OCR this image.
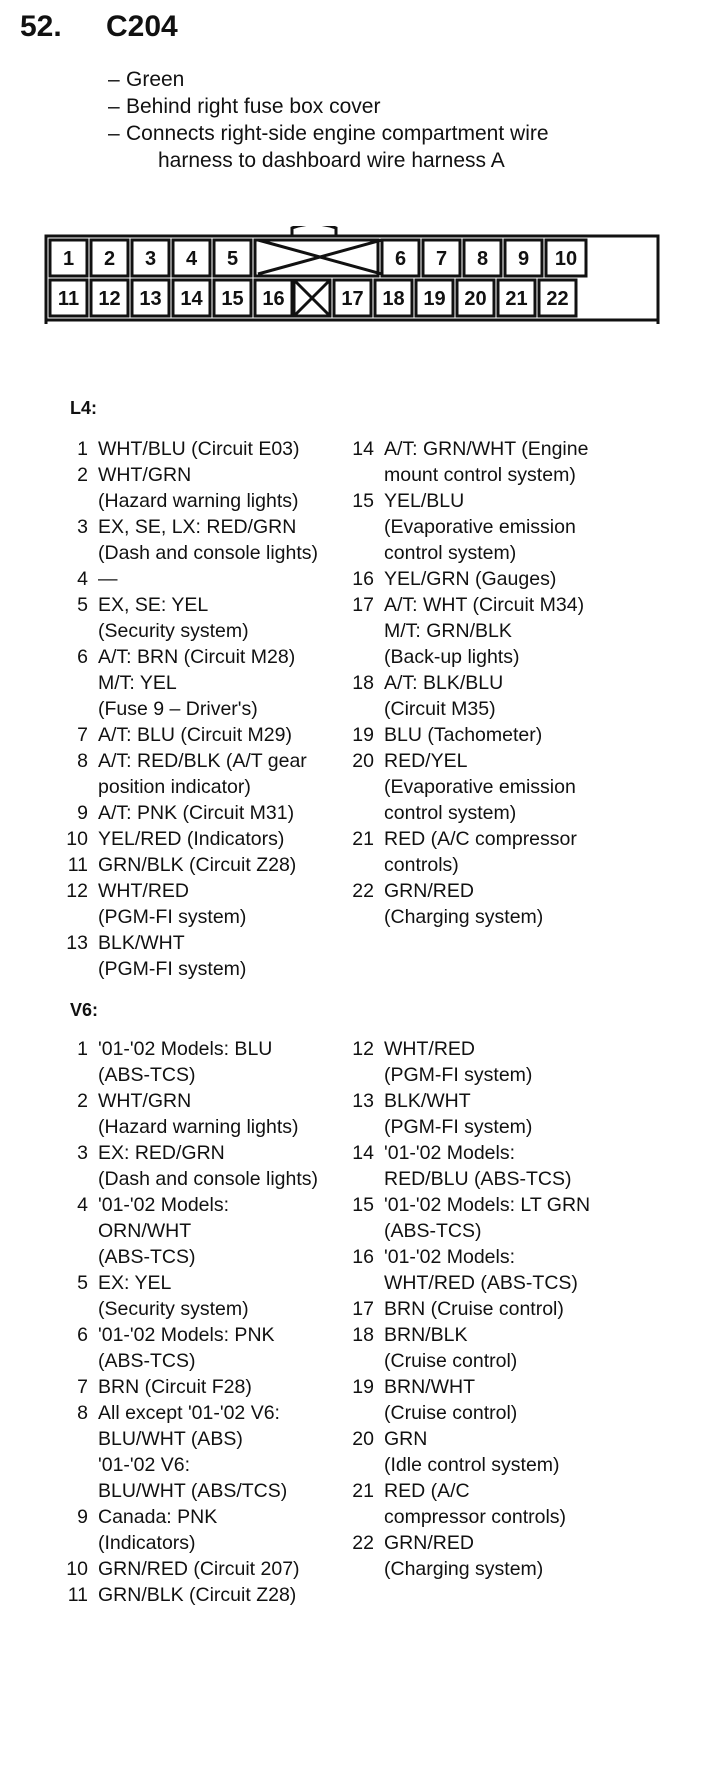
52. C204
– Green
– Behind right fuse box cover
– Connects right-side engine compartment wire
harness to dashboard wire harness A
1 2 3 4 5	6 7 8 9 10
11 12 13 14 15 16	17 18 19 20 21 22
L4:
1 WHT/BLU (Circuit E03)
2 WHT/GRN
(Hazard warning lights)
3 EX, SE, LX: RED/GRN
(Dash and console lights)
4 —
5 EX, SE: YEL
(Security system)
6 A/T: BRN (Circuit M28)
M/T: YEL
(Fuse 9 – Driver's)
7 A/T: BLU (Circuit M29)
8 A/T: RED/BLK (A/T gear
position indicator)
9 A/T: PNK (Circuit M31)
10 YEL/RED (Indicators)
11 GRN/BLK (Circuit Z28)
12 WHT/RED
(PGM-FI system)
13 BLK/WHT
(PGM-FI system)
14 A/T: GRN/WHT (Engine
mount control system)
15 YEL/BLU
(Evaporative emission
control system)
16 YEL/GRN (Gauges)
17 A/T: WHT (Circuit M34)
M/T: GRN/BLK
(Back-up lights)
18 A/T: BLK/BLU
(Circuit M35)
19 BLU (Tachometer)
20 RED/YEL
(Evaporative emission
control system)
21 RED (A/C compressor
controls)
22 GRN/RED
(Charging system)
V6:
1 '01-'02 Models: BLU
(ABS-TCS)
2 WHT/GRN
(Hazard warning lights)
3 EX: RED/GRN
(Dash and console lights)
4 '01-'02 Models:
ORN/WHT
(ABS-TCS)
5 EX: YEL
(Security system)
6 '01-'02 Models: PNK
(ABS-TCS)
7 BRN (Circuit F28)
8 All except '01-'02 V6:
BLU/WHT (ABS)
'01-'02 V6:
BLU/WHT (ABS/TCS)
9 Canada: PNK
(Indicators)
10 GRN/RED (Circuit 207)
11 GRN/BLK (Circuit Z28)
12 WHT/RED
(PGM-FI system)
13 BLK/WHT
(PGM-FI system)
14 '01-'02 Models:
RED/BLU (ABS-TCS)
15 '01-'02 Models: LT GRN
(ABS-TCS)
16 '01-'02 Models:
WHT/RED (ABS-TCS)
17 BRN (Cruise control)
18 BRN/BLK
(Cruise control)
19 BRN/WHT
(Cruise control)
20 GRN
(Idle control system)
21 RED (A/C
compressor controls)
22 GRN/RED
(Charging system)
